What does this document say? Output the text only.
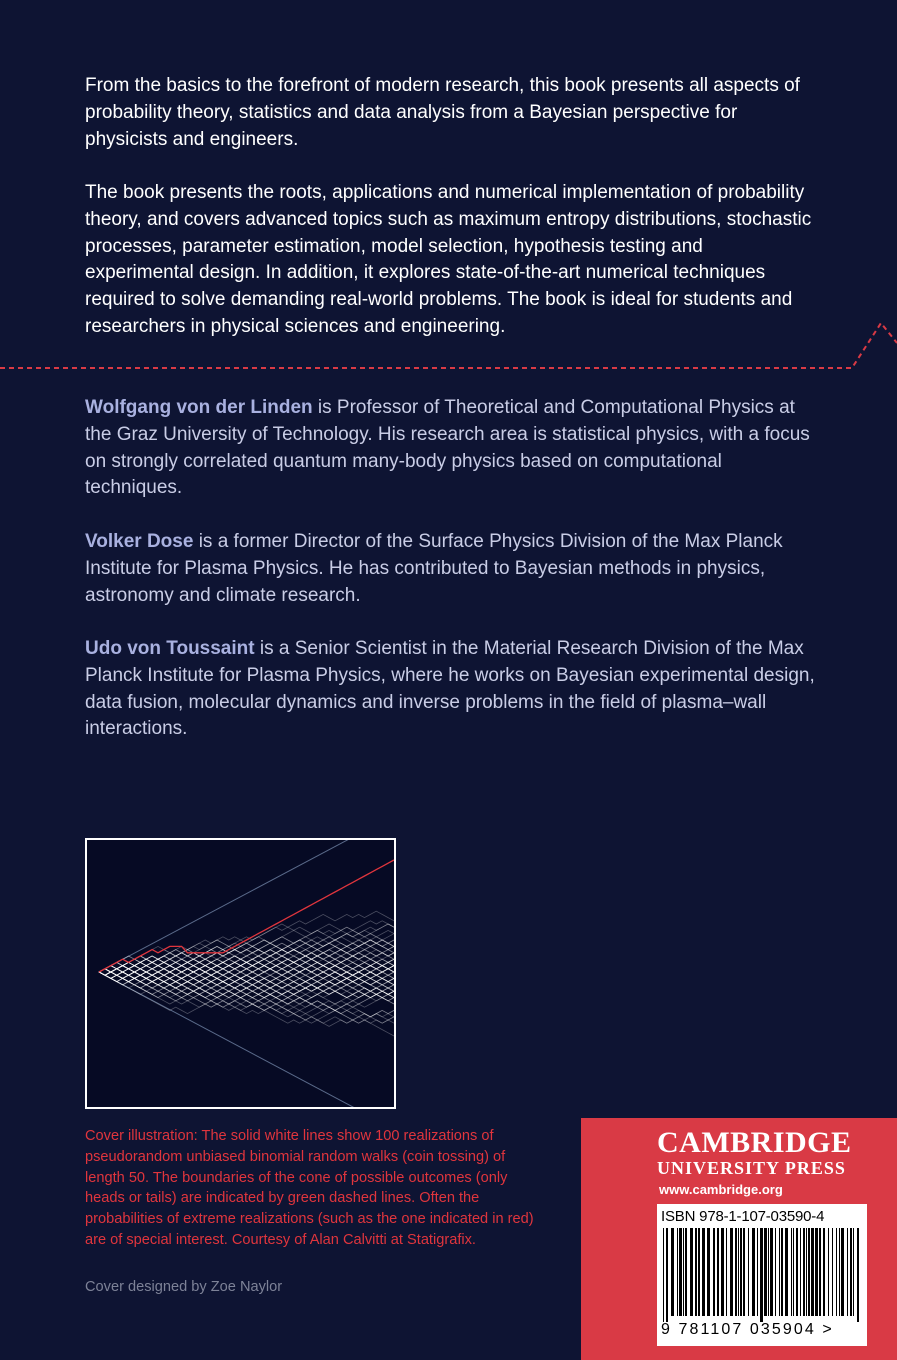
From the basics to the forefront of modern research, this book presents all aspects of probability theory, statistics and data analysis from a Bayesian perspective for physicists and engineers.

The book presents the roots, applications and numerical implementation of probability theory, and covers advanced topics such as maximum entropy distributions, stochastic processes, parameter estimation, model selection, hypothesis testing and experimental design. In addition, it explores state-of-the-art numerical techniques required to solve demanding real-world problems. The book is ideal for students and researchers in physical sciences and engineering.

Wolfgang von der Linden is Professor of Theoretical and Computational Physics at the Graz University of Technology. His research area is statistical physics, with a focus on strongly correlated quantum many-body physics based on computational techniques.

Volker Dose is a former Director of the Surface Physics Division of the Max Planck Institute for Plasma Physics. He has contributed to Bayesian methods in physics, astronomy and climate research.

Udo von Toussaint is a Senior Scientist in the Material Research Division of the Max Planck Institute for Plasma Physics, where he works on Bayesian experimental design, data fusion, molecular dynamics and inverse problems in the field of plasma–wall interactions.

Cover illustration: The solid white lines show 100 realizations of pseudorandom unbiased binomial random walks (coin tossing) of length 50. The boundaries of the cone of possible outcomes (only heads or tails) are indicated by green dashed lines. Often the probabilities of extreme realizations (such as the one indicated in red) are of special interest. Courtesy of Alan Calvitti at Statigrafix.

Cover designed by Zoe Naylor

CAMBRIDGE
UNIVERSITY PRESS
www.cambridge.org
ISBN 978-1-107-03590-4
9 781107 035904 >
